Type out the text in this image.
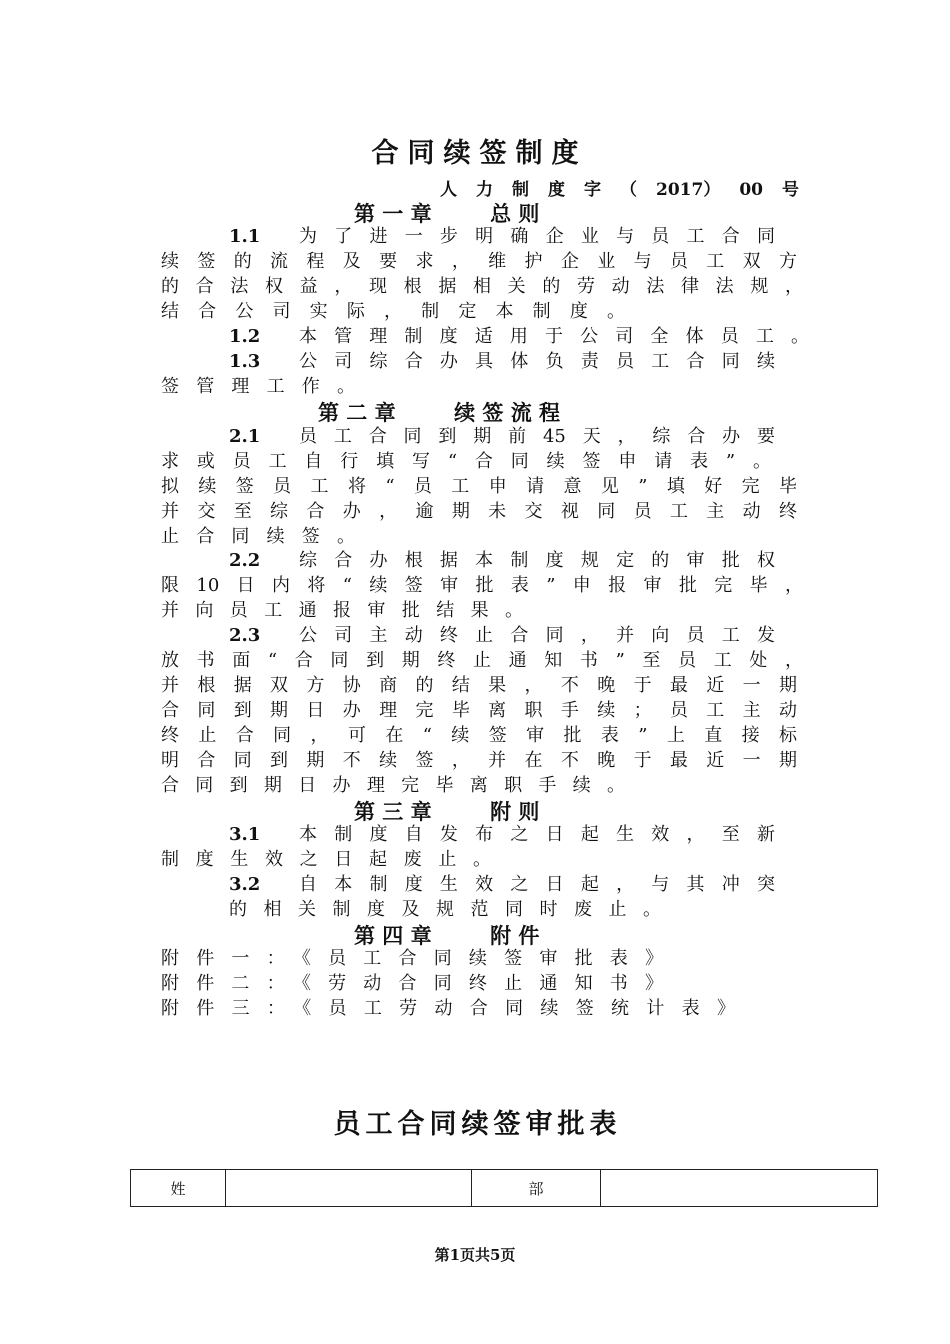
合同续签制度
人 力 制 度 字 （ 2017） 00 号
第 一 章        总 则
1.1 为了进一步明确企业与员工合同
续签的流程及要求，维护企业与员工双方
的合法权益，现根据相关的劳动法律法规，
结合公司实际，制定本制度。
1.2 本管理制度适用于公司全体员工。
1.3 公司综合办具体负责员工合同续
签管理工作。
第 二 章        续 签 流 程
2.1 员工合同到期前45天，综合办要
求或员工自行填写“合同续签申请表”。
拟续签员工将“员工申请意见”填好完毕
并交至综合办，逾期未交视同员工主动终
止合同续签。
2.2 综合办根据本制度规定的审批权
限10日内将“续签审批表”申报审批完毕，
并向员工通报审批结果。
2.3 公司主动终止合同，并向员工发
放书面“合同到期终止通知书”至员工处，
并根据双方协商的结果，不晚于最近一期
合同到期日办理完毕离职手续；员工主动
终止合同，可在“续签审批表”上直接标
明合同到期不续签，并在不晚于最近一期
合同到期日办理完毕离职手续。
第 三 章        附 则
3.1 本制度自发布之日起生效，至新
制度生效之日起废止。
3.2 自本制度生效之日起，与其冲突
的相关制度及规范同时废止。
第 四 章        附 件
附件一：《员工合同续签审批表》
附件二：《劳动合同终止通知书》
附件三：《员工劳动合同续签统计表》
员工合同续签审批表
姓		部	
第1页共5页
